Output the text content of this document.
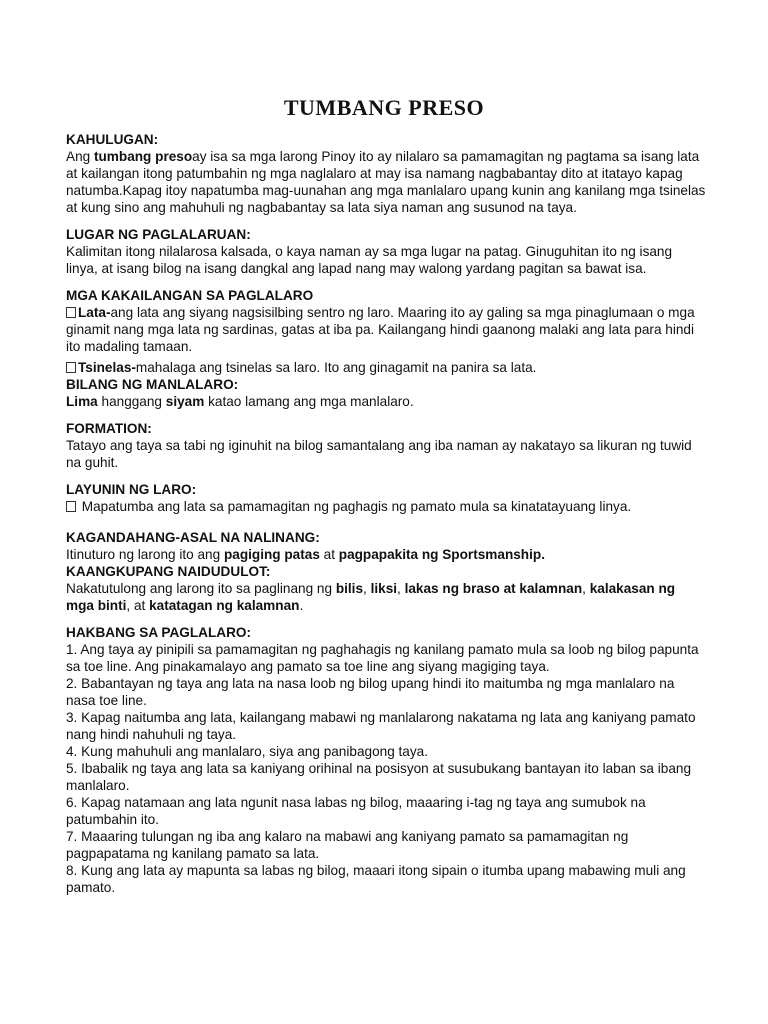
TUMBANG PRESO

KAHULUGAN:

Ang tumbang presoay isa sa mga larong Pinoy ito ay nilalaro sa pamamagitan ng pagtama sa isang lata at kailangan itong patumbahin ng mga naglalaro at may isa namang nagbabantay dito at itatayo kapag natumba.Kapag itoy napatumba mag-uunahan ang mga manlalaro upang kunin ang kanilang mga tsinelas at kung sino ang mahuhuli ng nagbabantay sa lata siya naman ang susunod na taya.

LUGAR NG PAGLALARUAN:

Kalimitan itong nilalarosa kalsada, o kaya naman ay sa mga lugar na patag. Ginuguhitan ito ng isang linya, at isang bilog na isang dangkal ang lapad nang may walong yardang pagitan sa bawat isa.

MGA KAKAILANGAN SA PAGLALARO

Lata-ang lata ang siyang nagsisilbing sentro ng laro. Maaring ito ay galing sa mga pinaglumaan o mga ginamit nang mga lata ng sardinas, gatas at iba pa. Kailangang hindi gaanong malaki ang lata para hindi ito madaling tamaan.

Tsinelas-mahalaga ang tsinelas sa laro. Ito ang ginagamit na panira sa lata.

BILANG NG MANLALARO:

Lima hanggang siyam katao lamang ang mga manlalaro.

FORMATION:

Tatayo ang taya sa tabi ng iginuhit na bilog samantalang ang iba naman ay nakatayo sa likuran ng tuwid na guhit.

LAYUNIN NG LARO:

Mapatumba ang lata sa pamamagitan ng paghagis ng pamato mula sa kinatatayuang linya.

KAGANDAHANG-ASAL NA NALINANG:

Itinuturo ng larong ito ang pagiging patas at pagpapakita ng Sportsmanship.

KAANGKUPANG NAIDUDULOT:

Nakatutulong ang larong ito sa paglinang ng bilis, liksi, lakas ng braso at kalamnan, kalakasan ng mga binti, at katatagan ng kalamnan.

HAKBANG SA PAGLALARO:

1. Ang taya ay pinipili sa pamamagitan ng paghahagis ng kanilang pamato mula sa loob ng bilog papunta sa toe line. Ang pinakamalayo ang pamato sa toe line ang siyang magiging taya.

2. Babantayan ng taya ang lata na nasa loob ng bilog upang hindi ito maitumba ng mga manlalaro na nasa toe line.

3. Kapag naitumba ang lata, kailangang mabawi ng manlalarong nakatama ng lata ang kaniyang pamato nang hindi nahuhuli ng taya.

4. Kung mahuhuli ang manlalaro, siya ang panibagong taya.

5. Ibabalik ng taya ang lata sa kaniyang orihinal na posisyon at susubukang bantayan ito laban sa ibang manlalaro.

6. Kapag natamaan ang lata ngunit nasa labas ng bilog, maaaring i-tag ng taya ang sumubok na patumbahin ito.

7. Maaaring tulungan ng iba ang kalaro na mabawi ang kaniyang pamato sa pamamagitan ng pagpapatama ng kanilang pamato sa lata.

8. Kung ang lata ay mapunta sa labas ng bilog, maaari itong sipain o itumba upang mabawing muli ang pamato.
